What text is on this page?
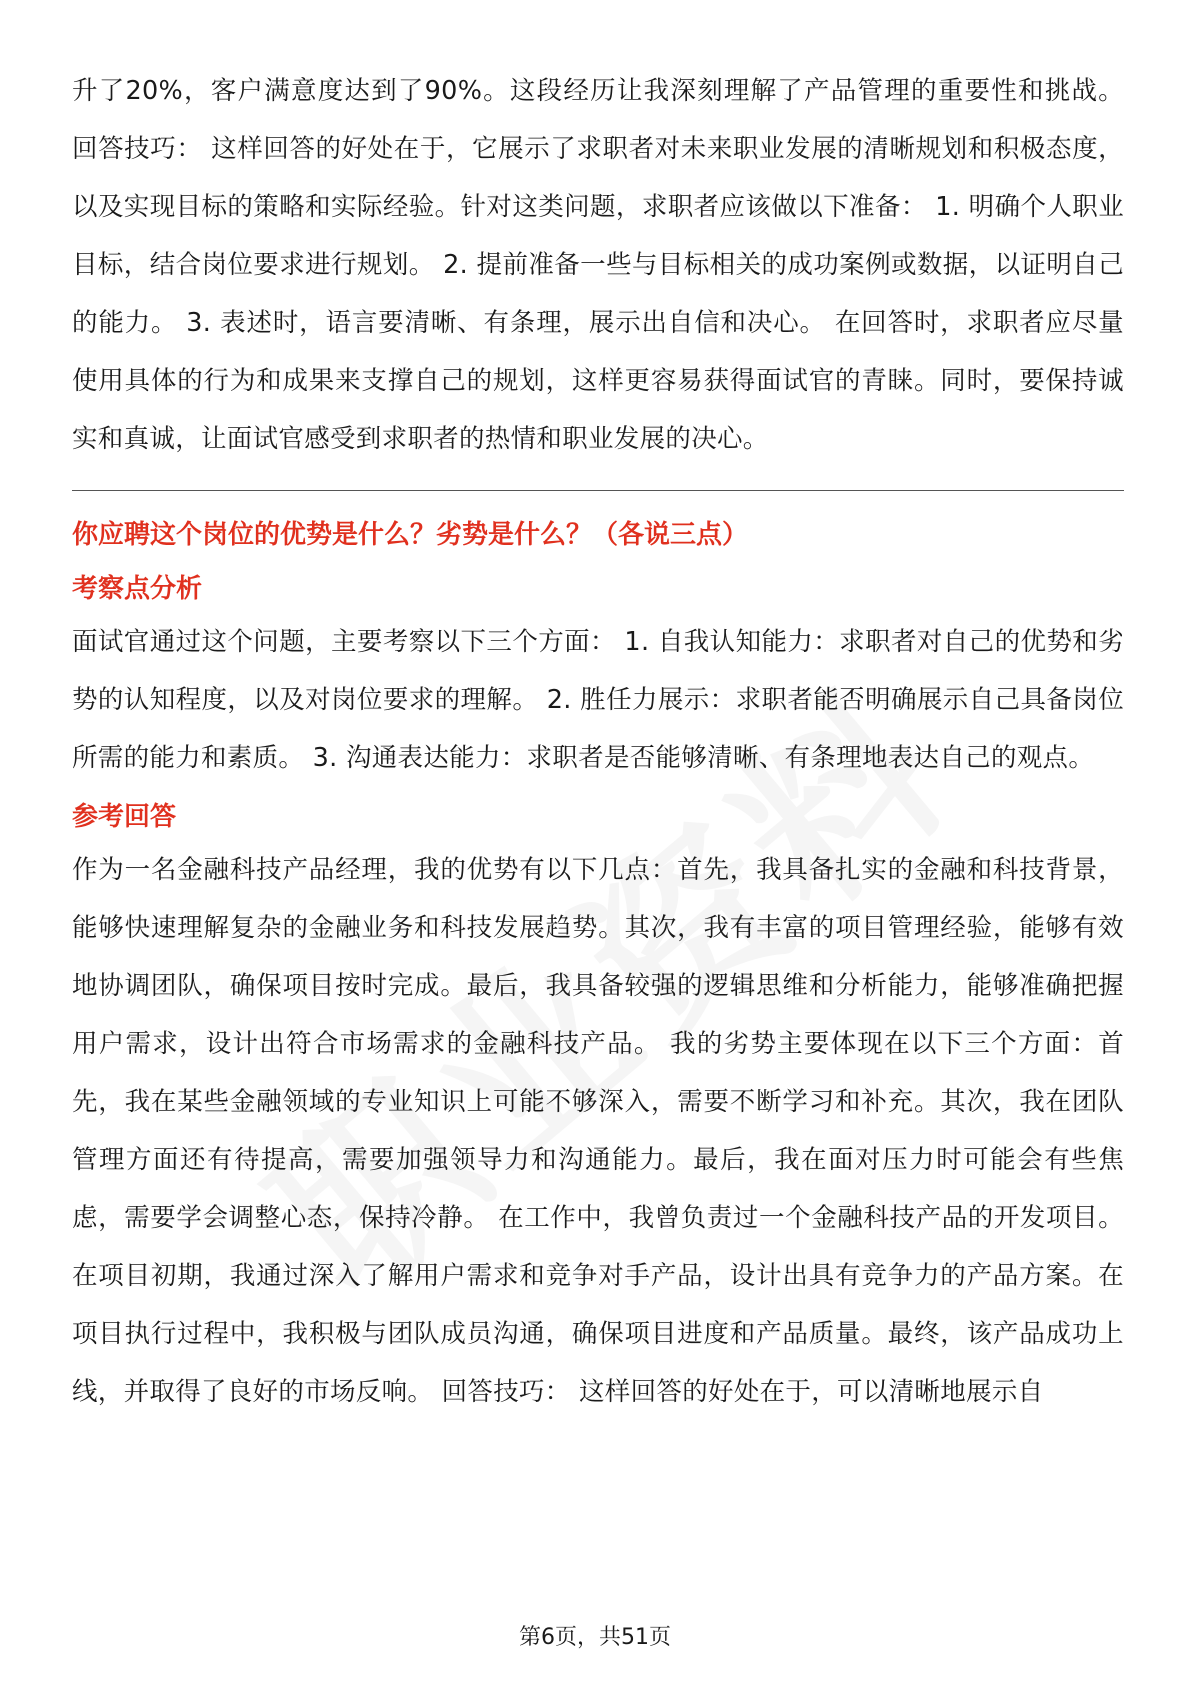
升了20%，客户满意度达到了90%。这段经历让我深刻理解了产品管理的重要性和挑战。 回答技巧： 这样回答的好处在于，它展示了求职者对未来职业发展的清晰规划和积极态度，以及实现目标的策略和实际经验。针对这类问题，求职者应该做以下准备： 1. 明确个人职业目标，结合岗位要求进行规划。 2. 提前准备一些与目标相关的成功案例或数据，以证明自己的能力。 3. 表述时，语言要清晰、有条理，展示出自信和决心。 在回答时，求职者应尽量使用具体的行为和成果来支撑自己的规划，这样更容易获得面试官的青睐。同时，要保持诚实和真诚，让面试官感受到求职者的热情和职业发展的决心。

你应聘这个岗位的优势是什么？劣势是什么？（各说三点）
考察点分析

面试官通过这个问题，主要考察以下三个方面： 1. 自我认知能力：求职者对自己的优势和劣势的认知程度，以及对岗位要求的理解。 2. 胜任力展示：求职者能否明确展示自己具备岗位所需的能力和素质。 3. 沟通表达能力：求职者是否能够清晰、有条理地表达自己的观点。

参考回答

作为一名金融科技产品经理，我的优势有以下几点：首先，我具备扎实的金融和科技背景，能够快速理解复杂的金融业务和科技发展趋势。其次，我有丰富的项目管理经验，能够有效地协调团队，确保项目按时完成。最后，我具备较强的逻辑思维和分析能力，能够准确把握用户需求，设计出符合市场需求的金融科技产品。 我的劣势主要体现在以下三个方面：首先，我在某些金融领域的专业知识上可能不够深入，需要不断学习和补充。其次，我在团队管理方面还有待提高，需要加强领导力和沟通能力。最后，我在面对压力时可能会有些焦虑，需要学会调整心态，保持冷静。 在工作中，我曾负责过一个金融科技产品的开发项目。在项目初期，我通过深入了解用户需求和竞争对手产品，设计出具有竞争力的产品方案。在项目执行过程中，我积极与团队成员沟通，确保项目进度和产品质量。最终，该产品成功上线，并取得了良好的市场反响。 回答技巧： 这样回答的好处在于，可以清晰地展示自

第6页，共51页
